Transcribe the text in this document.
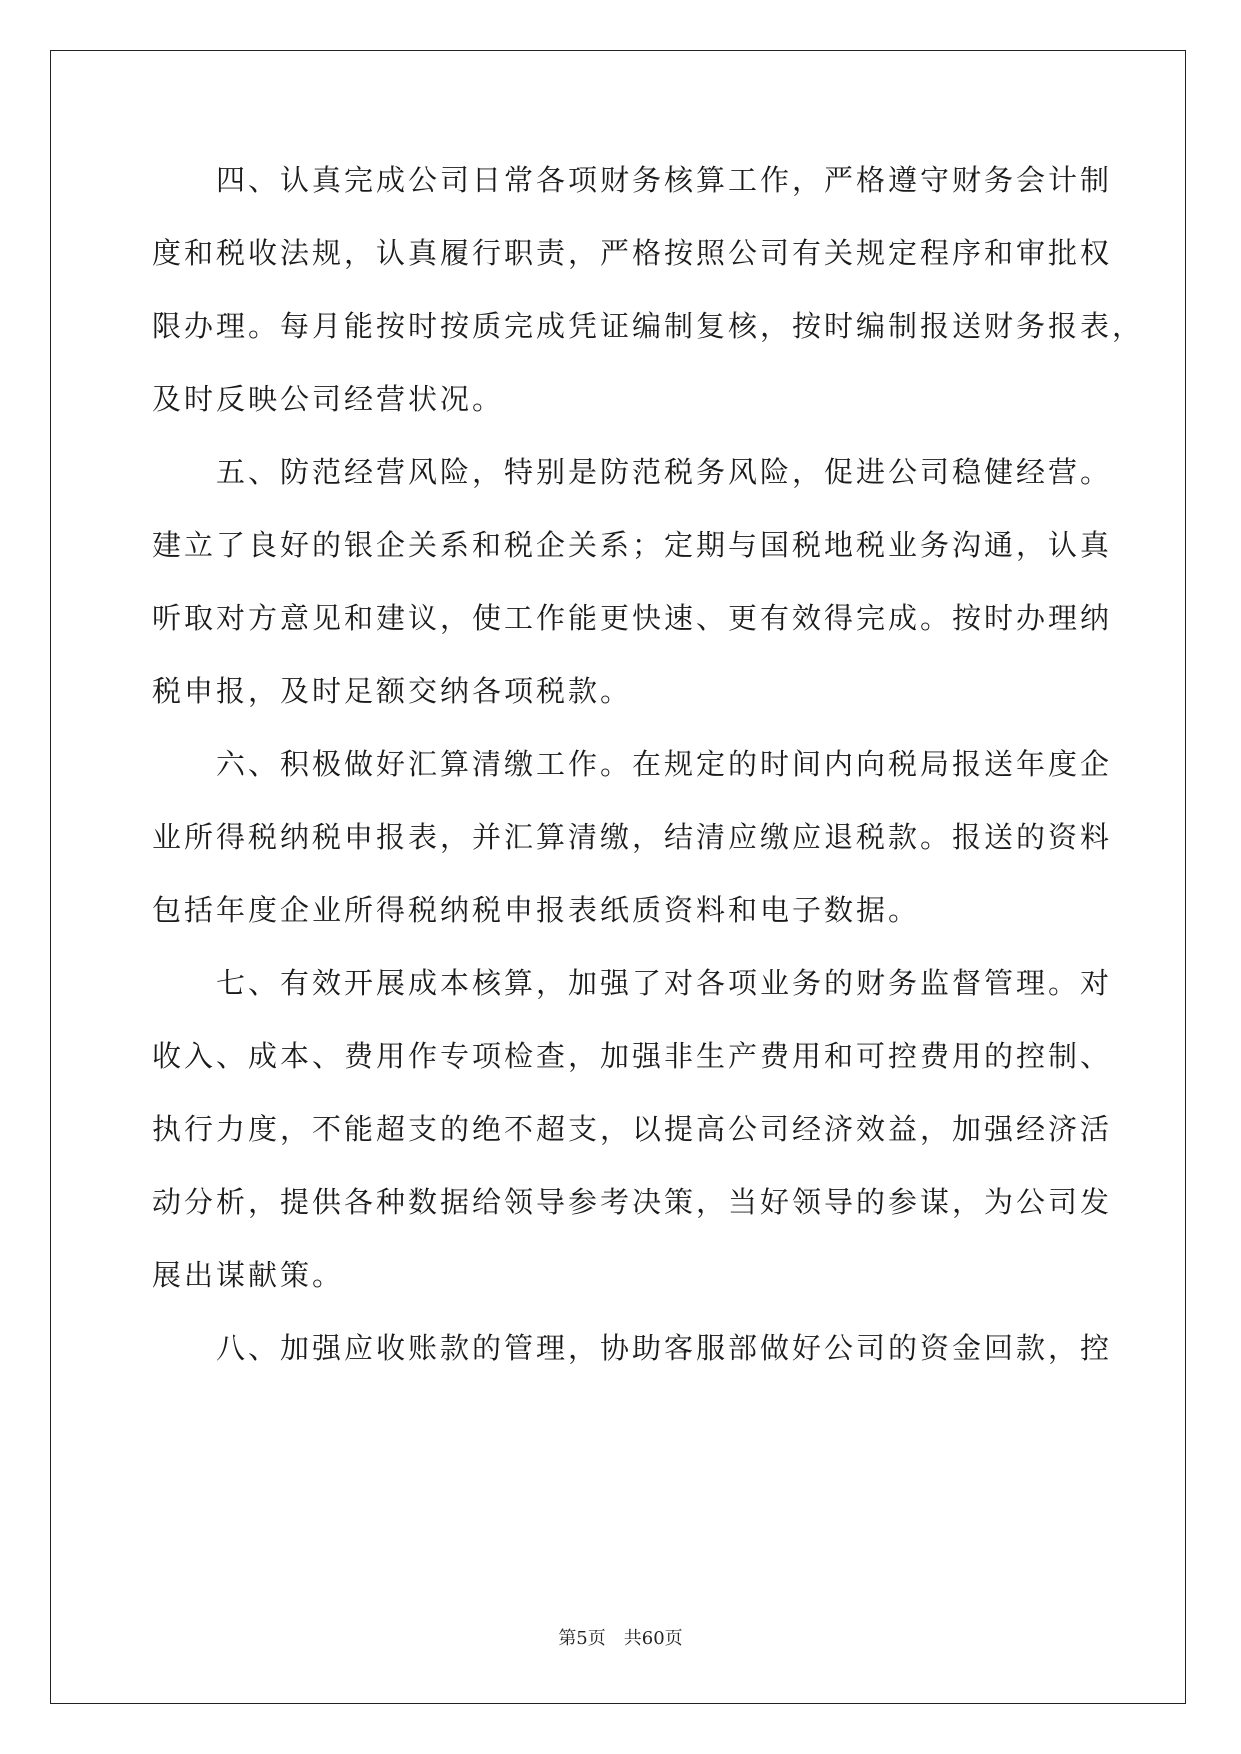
四、认真完成公司日常各项财务核算工作，严格遵守财务会计制
度和税收法规，认真履行职责，严格按照公司有关规定程序和审批权
限办理。每月能按时按质完成凭证编制复核，按时编制报送财务报表，
及时反映公司经营状况。
五、防范经营风险，特别是防范税务风险，促进公司稳健经营。
建立了良好的银企关系和税企关系；定期与国税地税业务沟通，认真
听取对方意见和建议，使工作能更快速、更有效得完成。按时办理纳
税申报，及时足额交纳各项税款。
六、积极做好汇算清缴工作。在规定的时间内向税局报送年度企
业所得税纳税申报表，并汇算清缴，结清应缴应退税款。报送的资料
包括年度企业所得税纳税申报表纸质资料和电子数据。
七、有效开展成本核算，加强了对各项业务的财务监督管理。对
收入、成本、费用作专项检查，加强非生产费用和可控费用的控制、
执行力度，不能超支的绝不超支，以提高公司经济效益，加强经济活
动分析，提供各种数据给领导参考决策，当好领导的参谋，为公司发
展出谋献策。
八、加强应收账款的管理，协助客服部做好公司的资金回款，控
第5页　共60页
